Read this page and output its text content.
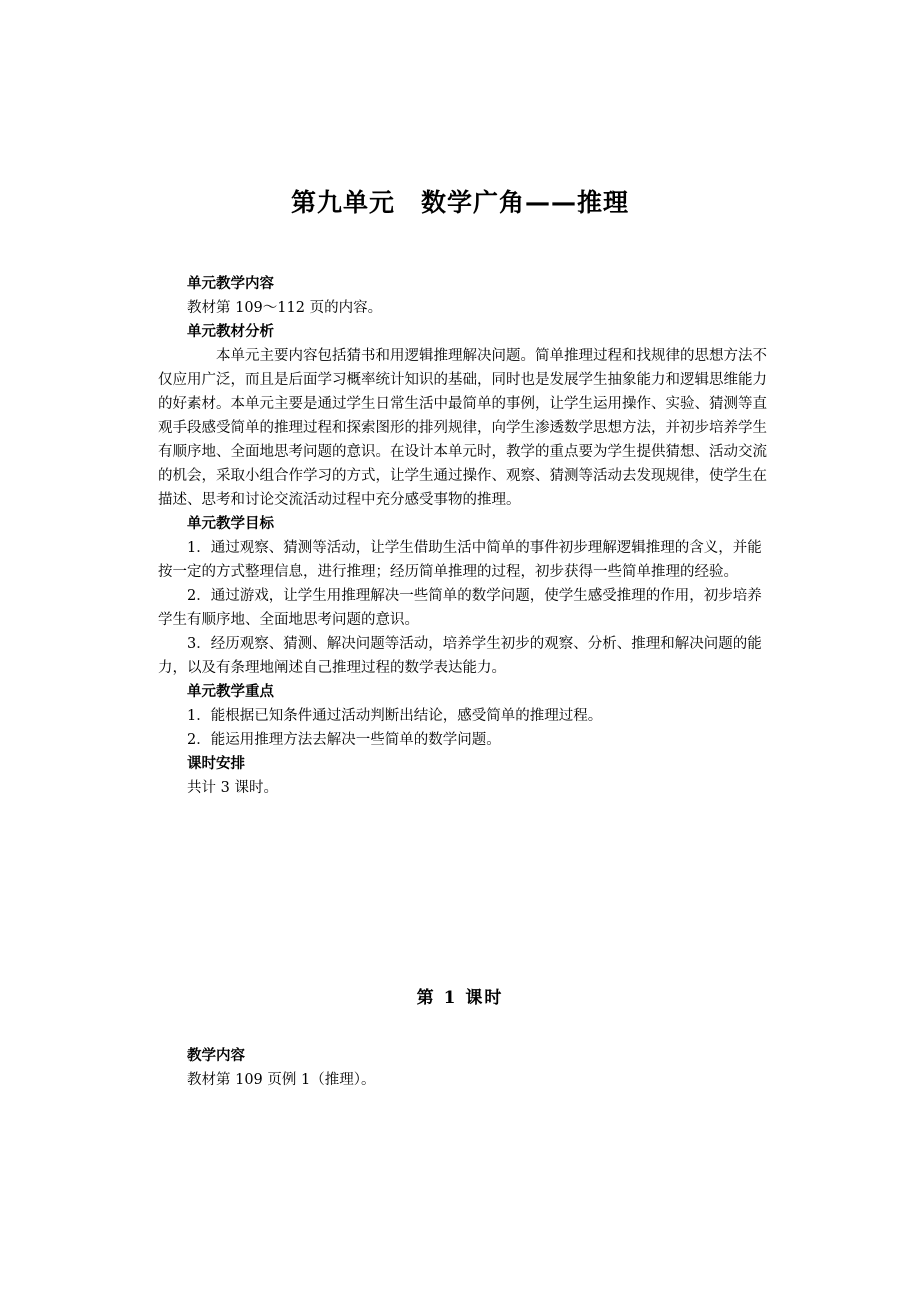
第九单元　数学广角——推理
单元教学内容

教材第 109～112 页的内容。

单元教材分析

本单元主要内容包括猜书和用逻辑推理解决问题。简单推理过程和找规律的思想方法不仅应用广泛，而且是后面学习概率统计知识的基础，同时也是发展学生抽象能力和逻辑思维能力的好素材。本单元主要是通过学生日常生活中最简单的事例，让学生运用操作、实验、猜测等直观手段感受简单的推理过程和探索图形的排列规律，向学生渗透数学思想方法，并初步培养学生有顺序地、全面地思考问题的意识。在设计本单元时，教学的重点要为学生提供猜想、活动交流的机会，采取小组合作学习的方式，让学生通过操作、观察、猜测等活动去发现规律，使学生在描述、思考和讨论交流活动过程中充分感受事物的推理。

单元教学目标

1．通过观察、猜测等活动，让学生借助生活中简单的事件初步理解逻辑推理的含义，并能按一定的方式整理信息，进行推理；经历简单推理的过程，初步获得一些简单推理的经验。

2．通过游戏，让学生用推理解决一些简单的数学问题，使学生感受推理的作用，初步培养学生有顺序地、全面地思考问题的意识。

3．经历观察、猜测、解决问题等活动，培养学生初步的观察、分析、推理和解决问题的能力，以及有条理地阐述自己推理过程的数学表达能力。

单元教学重点

1．能根据已知条件通过活动判断出结论，感受简单的推理过程。

2．能运用推理方法去解决一些简单的数学问题。

课时安排

共计 3 课时。

第 1 课时
教学内容

教材第 109 页例 1（推理）。
